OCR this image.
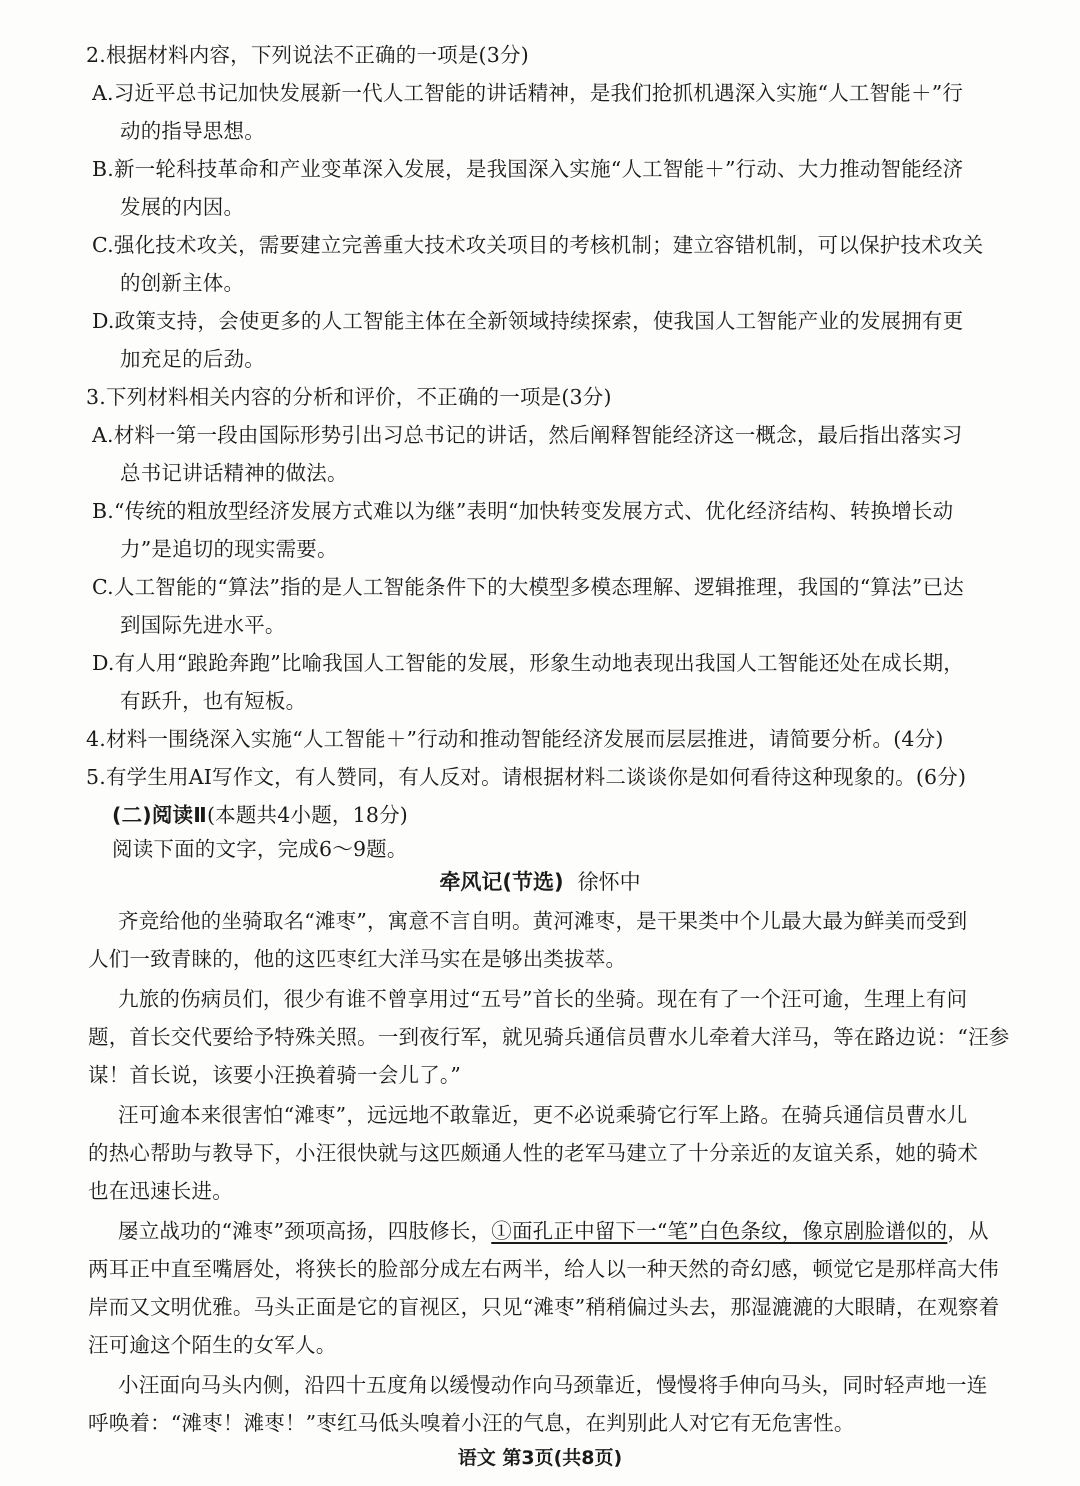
2.根据材料内容，下列说法不正确的一项是(3分)
A.习近平总书记加快发展新一代人工智能的讲话精神，是我们抢抓机遇深入实施“人工智能＋”行
动的指导思想。
B.新一轮科技革命和产业变革深入发展，是我国深入实施“人工智能＋”行动、大力推动智能经济
发展的内因。
C.强化技术攻关，需要建立完善重大技术攻关项目的考核机制；建立容错机制，可以保护技术攻关
的创新主体。
D.政策支持，会使更多的人工智能主体在全新领域持续探索，使我国人工智能产业的发展拥有更
加充足的后劲。
3.下列材料相关内容的分析和评价，不正确的一项是(3分)
A.材料一第一段由国际形势引出习总书记的讲话，然后阐释智能经济这一概念，最后指出落实习
总书记讲话精神的做法。
B.“传统的粗放型经济发展方式难以为继”表明“加快转变发展方式、优化经济结构、转换增长动
力”是追切的现实需要。
C.人工智能的“算法”指的是人工智能条件下的大模型多模态理解、逻辑推理，我国的“算法”已达
到国际先进水平。
D.有人用“踉跄奔跑”比喻我国人工智能的发展，形象生动地表现出我国人工智能还处在成长期，
有跃升，也有短板。
4.材料一围绕深入实施“人工智能＋”行动和推动智能经济发展而层层推进，请简要分析。(4分)
5.有学生用AI写作文，有人赞同，有人反对。请根据材料二谈谈你是如何看待这种现象的。(6分)
(二)阅读Ⅱ(本题共4小题，18分)
阅读下面的文字，完成6～9题。
牵风记(节选) 徐怀中
齐竞给他的坐骑取名“滩枣”，寓意不言自明。黄河滩枣，是干果类中个儿最大最为鲜美而受到
人们一致青睐的，他的这匹枣红大洋马实在是够出类拔萃。
九旅的伤病员们，很少有谁不曾享用过“五号”首长的坐骑。现在有了一个汪可逾，生理上有问
题，首长交代要给予特殊关照。一到夜行军，就见骑兵通信员曹水儿牵着大洋马，等在路边说：“汪参
谋！首长说，该要小汪换着骑一会儿了。”
汪可逾本来很害怕“滩枣”，远远地不敢靠近，更不必说乘骑它行军上路。在骑兵通信员曹水儿
的热心帮助与教导下，小汪很快就与这匹颇通人性的老军马建立了十分亲近的友谊关系，她的骑术
也在迅速长进。
屡立战功的“滩枣”颈项高扬，四肢修长，①面孔正中留下一“笔”白色条纹，像京剧脸谱似的，从
两耳正中直至嘴唇处，将狭长的脸部分成左右两半，给人以一种天然的奇幻感，顿觉它是那样高大伟
岸而又文明优雅。马头正面是它的盲视区，只见“滩枣”稍稍偏过头去，那湿漉漉的大眼睛，在观察着
汪可逾这个陌生的女军人。
小汪面向马头内侧，沿四十五度角以缓慢动作向马颈靠近，慢慢将手伸向马头，同时轻声地一连
呼唤着：“滩枣！滩枣！”枣红马低头嗅着小汪的气息，在判别此人对它有无危害性。
语文 第3页(共8页)
